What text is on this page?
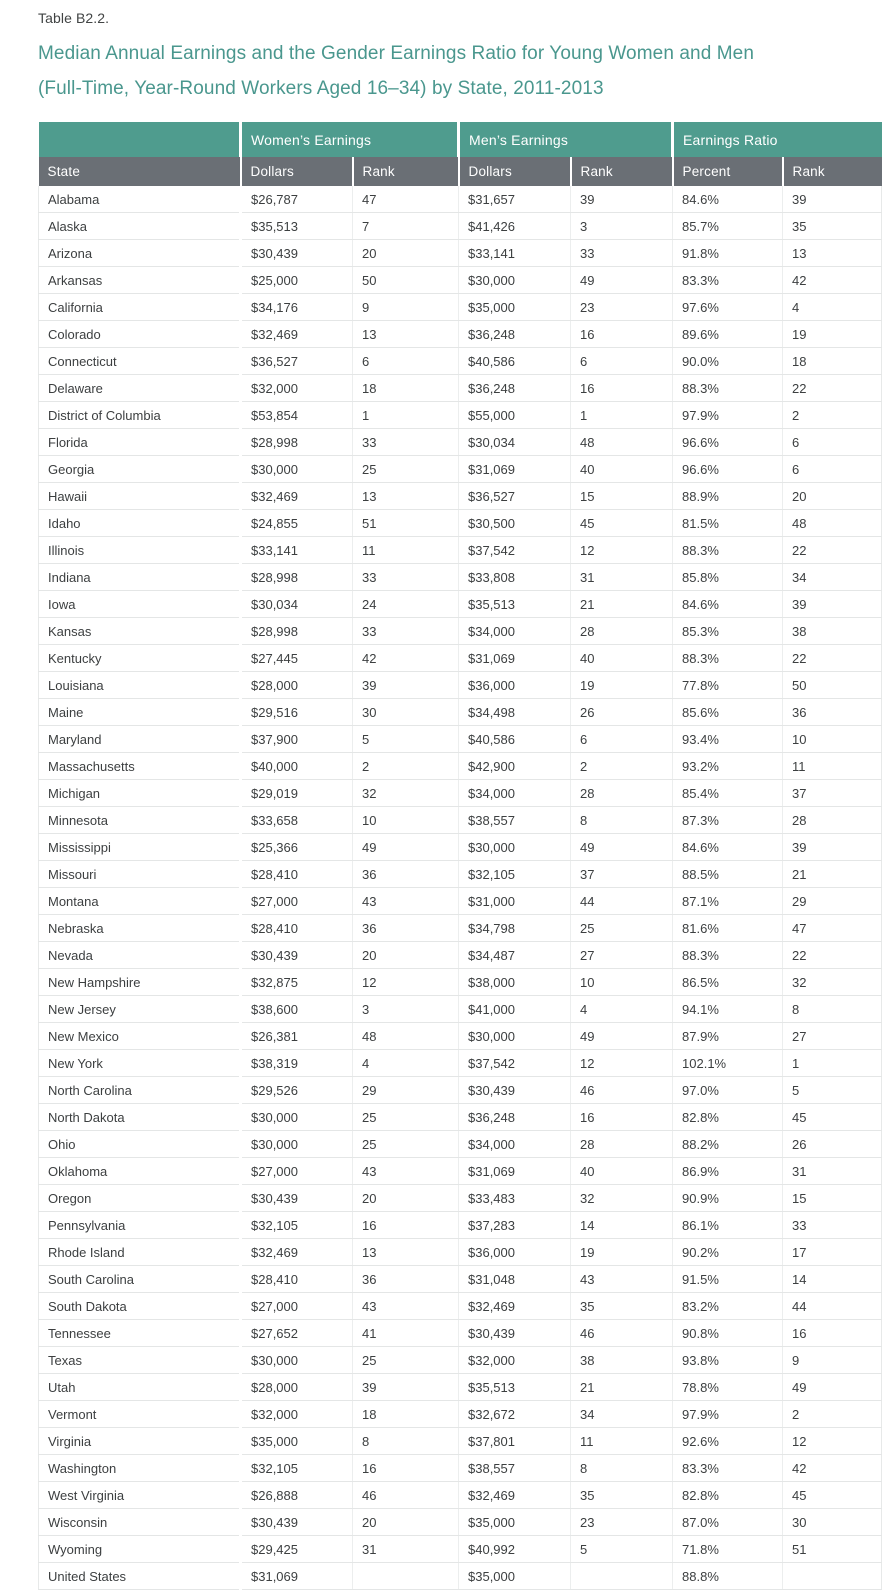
Table B2.2.

Median Annual Earnings and the Gender Earnings Ratio for Young Women and Men
(Full-Time, Year-Round Workers Aged 16–34) by State, 2011-2013
	Women’s Earnings		Men’s Earnings		Earnings Ratio	
State	Dollars	Rank	Dollars	Rank	Percent	Rank
Alabama	$26,787	47	$31,657	39	84.6%	39
Alaska	$35,513	7	$41,426	3	85.7%	35
Arizona	$30,439	20	$33,141	33	91.8%	13
Arkansas	$25,000	50	$30,000	49	83.3%	42
California	$34,176	9	$35,000	23	97.6%	4
Colorado	$32,469	13	$36,248	16	89.6%	19
Connecticut	$36,527	6	$40,586	6	90.0%	18
Delaware	$32,000	18	$36,248	16	88.3%	22
District of Columbia	$53,854	1	$55,000	1	97.9%	2
Florida	$28,998	33	$30,034	48	96.6%	6
Georgia	$30,000	25	$31,069	40	96.6%	6
Hawaii	$32,469	13	$36,527	15	88.9%	20
Idaho	$24,855	51	$30,500	45	81.5%	48
Illinois	$33,141	11	$37,542	12	88.3%	22
Indiana	$28,998	33	$33,808	31	85.8%	34
Iowa	$30,034	24	$35,513	21	84.6%	39
Kansas	$28,998	33	$34,000	28	85.3%	38
Kentucky	$27,445	42	$31,069	40	88.3%	22
Louisiana	$28,000	39	$36,000	19	77.8%	50
Maine	$29,516	30	$34,498	26	85.6%	36
Maryland	$37,900	5	$40,586	6	93.4%	10
Massachusetts	$40,000	2	$42,900	2	93.2%	11
Michigan	$29,019	32	$34,000	28	85.4%	37
Minnesota	$33,658	10	$38,557	8	87.3%	28
Mississippi	$25,366	49	$30,000	49	84.6%	39
Missouri	$28,410	36	$32,105	37	88.5%	21
Montana	$27,000	43	$31,000	44	87.1%	29
Nebraska	$28,410	36	$34,798	25	81.6%	47
Nevada	$30,439	20	$34,487	27	88.3%	22
New Hampshire	$32,875	12	$38,000	10	86.5%	32
New Jersey	$38,600	3	$41,000	4	94.1%	8
New Mexico	$26,381	48	$30,000	49	87.9%	27
New York	$38,319	4	$37,542	12	102.1%	1
North Carolina	$29,526	29	$30,439	46	97.0%	5
North Dakota	$30,000	25	$36,248	16	82.8%	45
Ohio	$30,000	25	$34,000	28	88.2%	26
Oklahoma	$27,000	43	$31,069	40	86.9%	31
Oregon	$30,439	20	$33,483	32	90.9%	15
Pennsylvania	$32,105	16	$37,283	14	86.1%	33
Rhode Island	$32,469	13	$36,000	19	90.2%	17
South Carolina	$28,410	36	$31,048	43	91.5%	14
South Dakota	$27,000	43	$32,469	35	83.2%	44
Tennessee	$27,652	41	$30,439	46	90.8%	16
Texas	$30,000	25	$32,000	38	93.8%	9
Utah	$28,000	39	$35,513	21	78.8%	49
Vermont	$32,000	18	$32,672	34	97.9%	2
Virginia	$35,000	8	$37,801	11	92.6%	12
Washington	$32,105	16	$38,557	8	83.3%	42
West Virginia	$26,888	46	$32,469	35	82.8%	45
Wisconsin	$30,439	20	$35,000	23	87.0%	30
Wyoming	$29,425	31	$40,992	5	71.8%	51
United States	$31,069		$35,000		88.8%	
